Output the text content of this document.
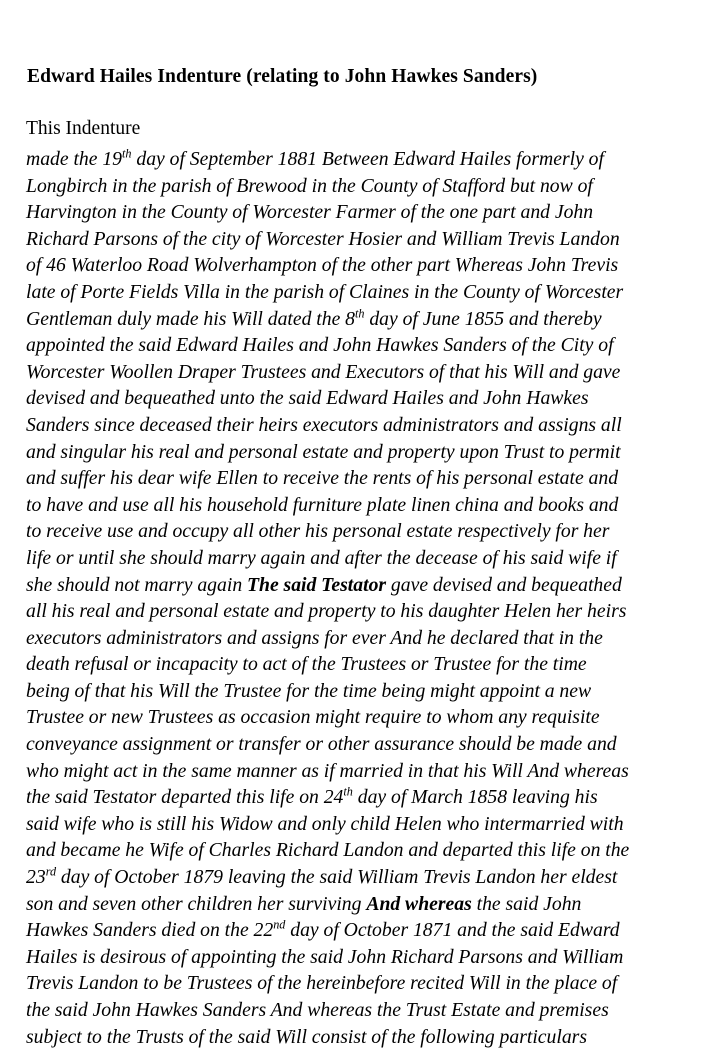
Edward Hailes Indenture (relating to John Hawkes Sanders)

This Indenture

made the 19th day of September 1881 Between Edward Hailes formerly of
Longbirch in the parish of Brewood in the County of Stafford but now of
Harvington in the County of Worcester Farmer of the one part and John
Richard Parsons of the city of Worcester Hosier and William Trevis Landon
of 46 Waterloo Road Wolverhampton of the other part Whereas John Trevis
late of Porte Fields Villa in the parish of Claines in the County of Worcester
Gentleman duly made his Will dated the 8th day of June 1855 and thereby
appointed the said Edward Hailes and John Hawkes Sanders of the City of
Worcester Woollen Draper Trustees and Executors of that his Will and gave
devised and bequeathed unto the said Edward Hailes and John Hawkes
Sanders since deceased their heirs executors administrators and assigns all
and singular his real and personal estate and property upon Trust to permit
and suffer his dear wife Ellen to receive the rents of his personal estate and
to have and use all his household furniture plate linen china and books and
to receive use and occupy all other his personal estate respectively for her
life or until she should marry again and after the decease of his said wife if
she should not marry again The said Testator gave devised and bequeathed
all his real and personal estate and property to his daughter Helen her heirs
executors administrators and assigns for ever And he declared that in the
death refusal or incapacity to act of the Trustees or Trustee for the time
being of that his Will the Trustee for the time being might appoint a new
Trustee or new Trustees as occasion might require to whom any requisite
conveyance assignment or transfer or other assurance should be made and
who might act in the same manner as if married in that his Will And whereas
the said Testator departed this life on 24th day of March 1858 leaving his
said wife who is still his Widow and only child Helen who intermarried with
and became he Wife of Charles Richard Landon and departed this life on the
23rd day of October 1879 leaving the said William Trevis Landon her eldest
son and seven other children her surviving And whereas the said John
Hawkes Sanders died on the 22nd day of October 1871 and the said Edward
Hailes is desirous of appointing the said John Richard Parsons and William
Trevis Landon to be Trustees of the hereinbefore recited Will in the place of
the said John Hawkes Sanders And whereas the Trust Estate and premises
subject to the Trusts of the said Will consist of the following particulars
